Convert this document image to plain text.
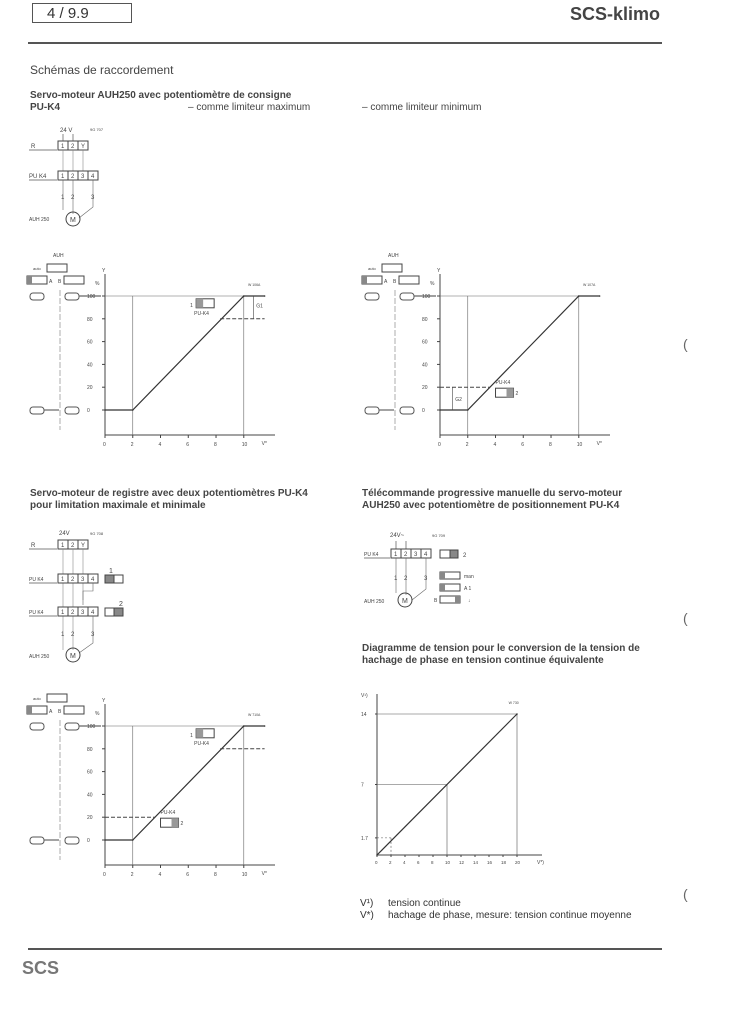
4 / 9.9	SCS-klimo
Schémas de raccordement
Servo-moteur AUH250 avec potentiomètre de consigne
PU-K4	– comme limiteur maximum	– comme limiteur minimum
24 V	9G 707
R	1 2 Y
PU K4 1 2 3 4
1 2	3
AUH 250	M
AUH
auto
A B
Y
%
V*
W 106A
0
20
40
60
80
100
0	2	4	6	8	10
PU-K4
1	G1
AUH
auto
A B
Y
%
V*
W 107A
0
20
40
60
80
100
0	2	4	6	8	10
PU-K4
2
G2
auto
A B
Y
%
V*
W 710A
0
20
40
60
80
100
0	2	4	6	8	10
PU-K4
1
PU-K4
2
V¹)
V*)
W 730
0	2	4	6	8	10 12 14 16 18 20
1.7
7
14
Servo-moteur de registre avec deux potentiomètres PU-K4
pour limitation maximale et minimale
24V	9G 708
R	1 2 Y
PU K4	1 2 3 4
1
PU K4	1 2 3 4
2
1 2	3
AUH 250	M
Télécommande progressive manuelle du servo-moteur
AUH250 avec potentiomètre de positionnement PU-K4
24V~	9G 709
PU K4	1 2 3 4	2
1 2	3
AUH 250	M
man
A 1
B	↓
Diagramme de tension pour le conversion de la tension de
hachage de phase en tension continue équivalente
V¹) tension continue
V*) hachage de phase, mesure: tension continue moyenne
(
(
(
SCS
